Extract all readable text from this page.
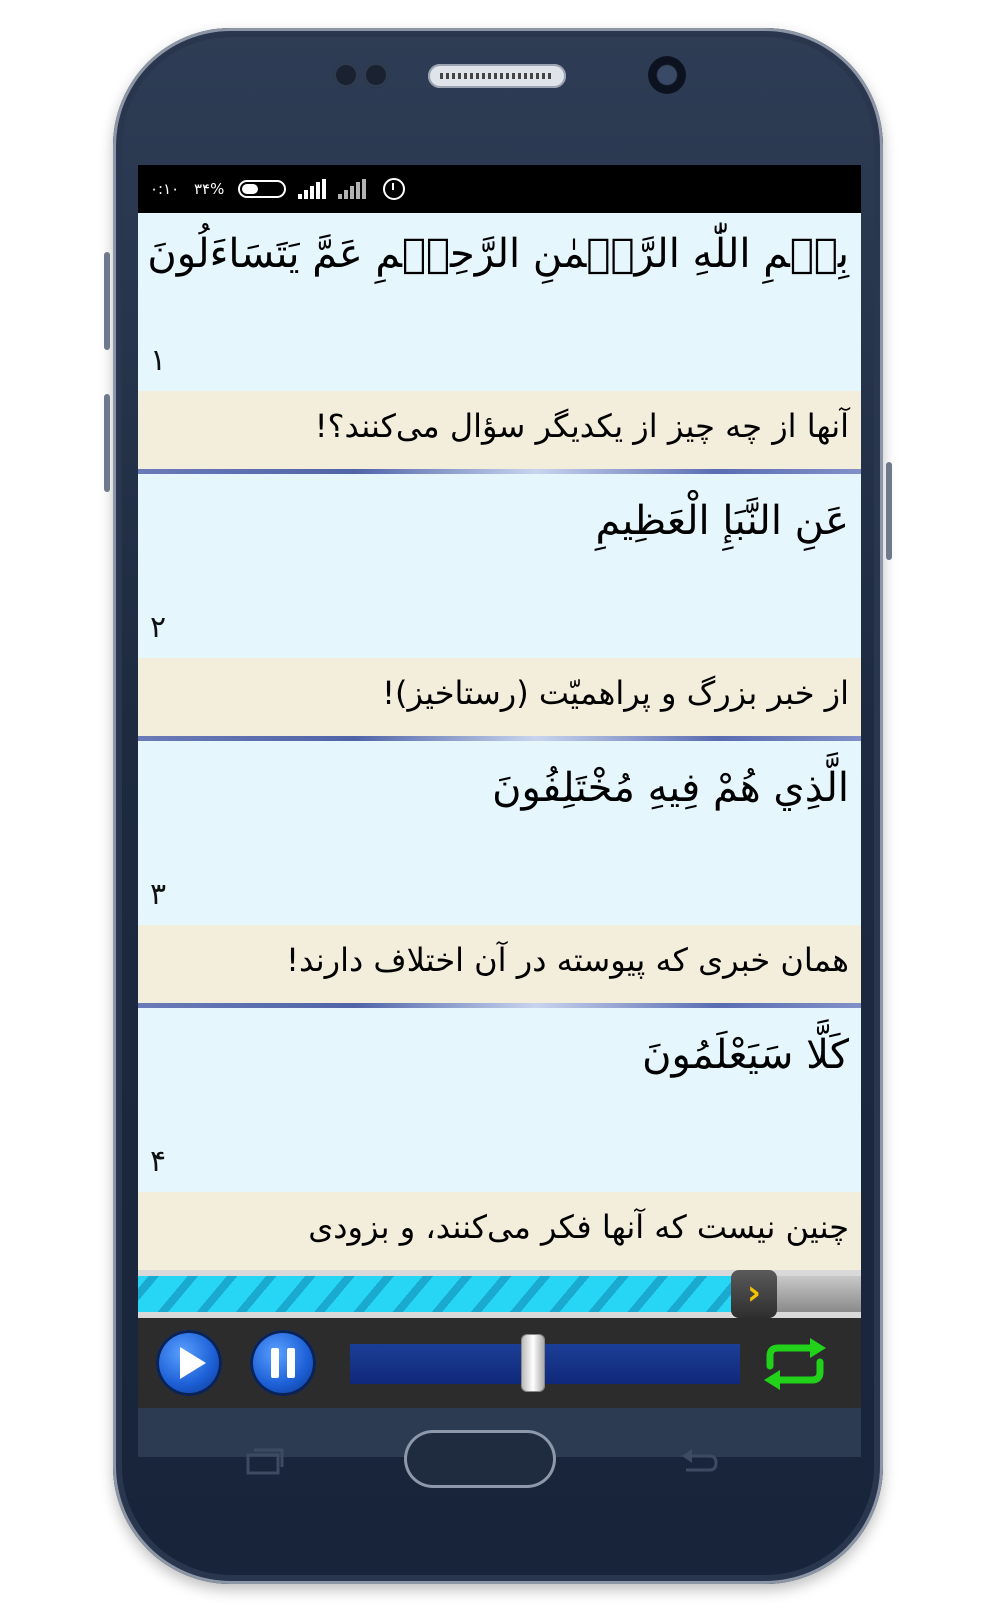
۰:۱۰ ۳۴%
بِسۡمِ اللّٰهِ الرَّحۡمٰنِ الرَّحِيۡمِ عَمَّ يَتَسَاءَلُونَ
۱
آنها از چه چیز از یکدیگر سؤال می‌کنند؟!
عَنِ النَّبَإِ الْعَظِيمِ
۲
از خبر بزرگ و پراهمیّت (رستاخیز)!
الَّذِي هُمْ فِيهِ مُخْتَلِفُونَ
۳
همان خبری که پیوسته در آن اختلاف دارند!
كَلَّا سَيَعْلَمُونَ
۴
چنین نیست که آنها فکر می‌کنند، و بزودی
›
